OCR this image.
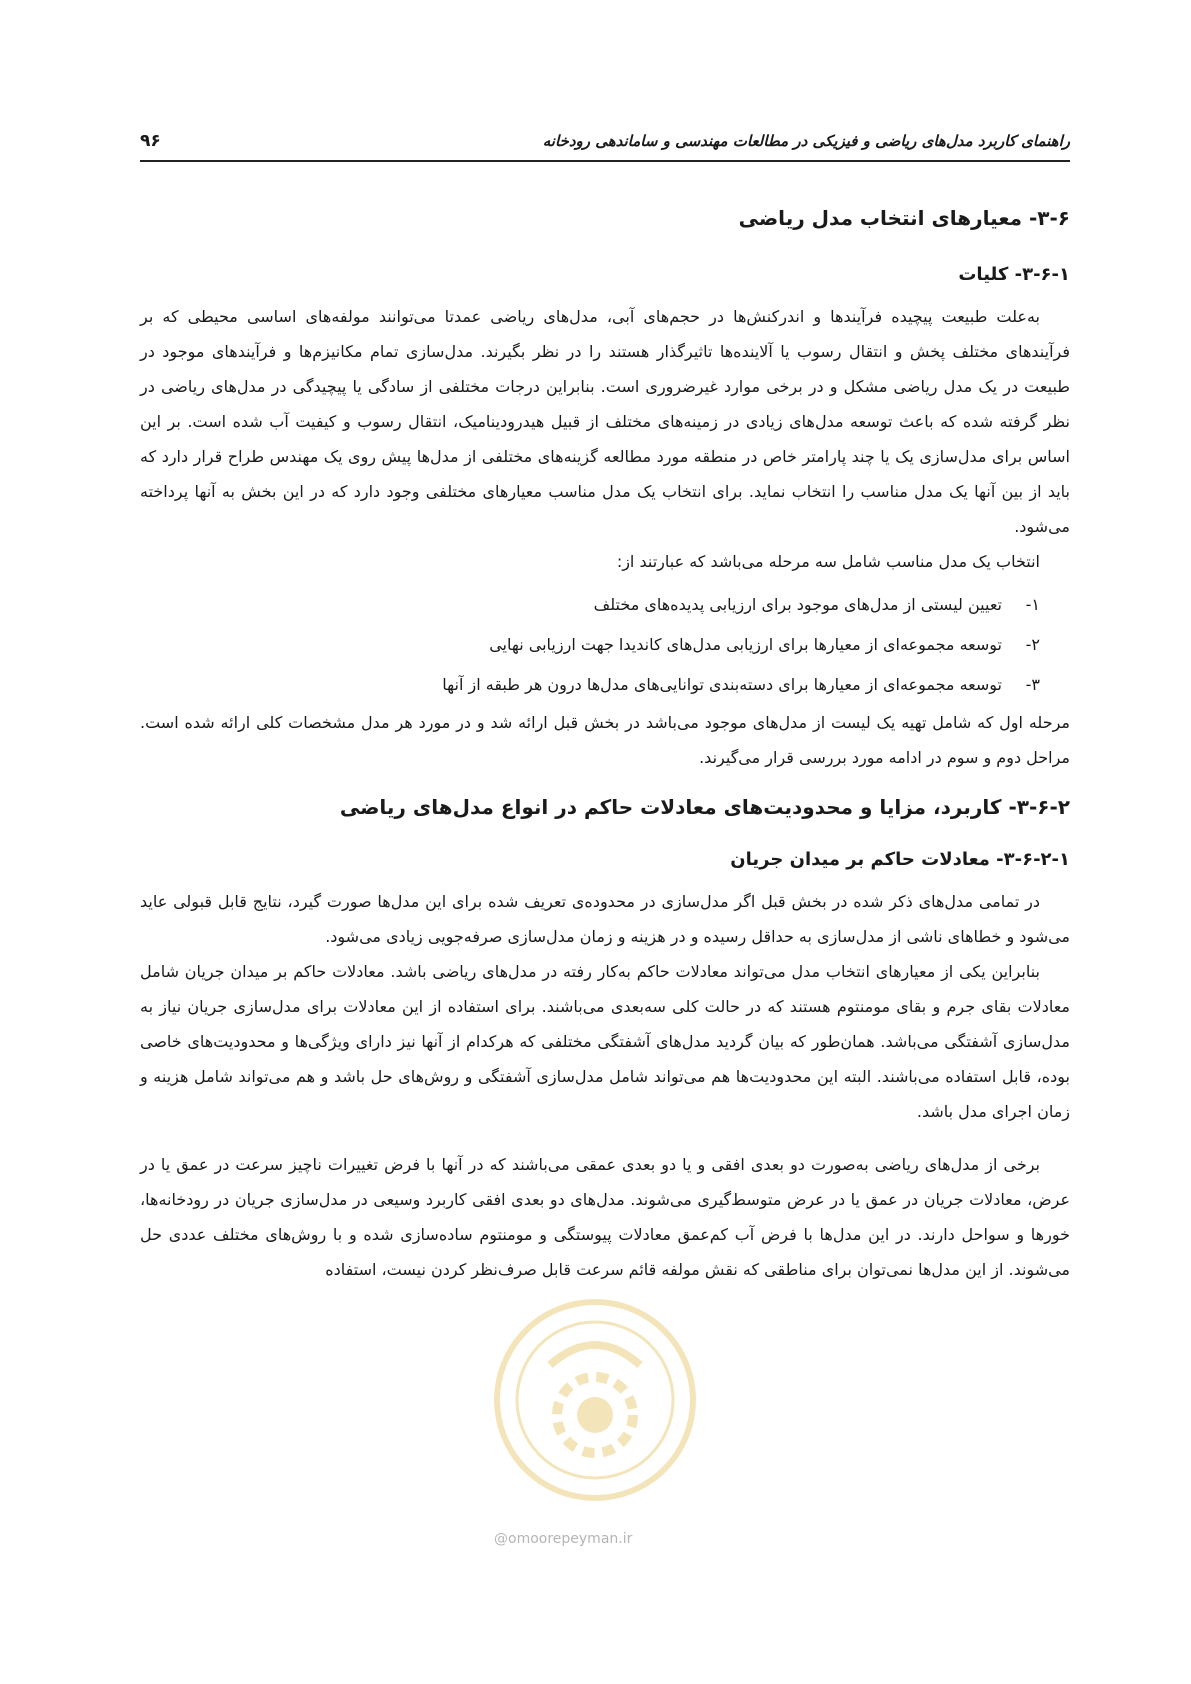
راهنمای کاربرد مدل‌های ریاضی و فیزیکی در مطالعات مهندسی و ساماندهی رودخانه
۹۶
۳-۶- معیارهای انتخاب مدل ریاضی
۳-۶-۱- کلیات

به‌علت طبیعت پیچیده فرآیندها و اندرکنش‌ها در حجم‌های آبی، مدل‌های ریاضی عمدتا می‌توانند مولفه‌های اساسی محیطی که بر فرآیندهای مختلف پخش و انتقال رسوب یا آلاینده‌ها تاثیرگذار هستند را در نظر بگیرند. مدل‌سازی تمام مکانیزم‌ها و فرآیندهای موجود در طبیعت در یک مدل ریاضی مشکل و در برخی موارد غیرضروری است. بنابراین درجات مختلفی از سادگی یا پیچیدگی در مدل‌های ریاضی در نظر گرفته شده که باعث توسعه مدل‌های زیادی در زمینه‌های مختلف از قبیل هیدرودینامیک، انتقال رسوب و کیفیت آب شده است. بر این اساس برای مدل‌سازی یک یا چند پارامتر خاص در منطقه مورد مطالعه گزینه‌های مختلفی از مدل‌ها پیش روی یک مهندس طراح قرار دارد که باید از بین آنها یک مدل مناسب را انتخاب نماید. برای انتخاب یک مدل مناسب معیارهای مختلفی وجود دارد که در این بخش به آنها پرداخته می‌شود.

انتخاب یک مدل مناسب شامل سه مرحله می‌باشد که عبارتند از:

۱-
تعیین لیستی از مدل‌های موجود برای ارزیابی پدیده‌های مختلف
۲-
توسعه مجموعه‌ای از معیارها برای ارزیابی مدل‌های کاندیدا جهت ارزیابی نهایی
۳-
توسعه مجموعه‌ای از معیارها برای دسته‌بندی توانایی‌های مدل‌ها درون هر طبقه از آنها

مرحله اول که شامل تهیه یک لیست از مدل‌های موجود می‌باشد در بخش قبل ارائه شد و در مورد هر مدل مشخصات کلی ارائه شده است. مراحل دوم و سوم در ادامه مورد بررسی قرار می‌گیرند.

۳-۶-۲- کاربرد، مزایا و محدودیت‌های معادلات حاکم در انواع مدل‌های ریاضی
۳-۶-۲-۱- معادلات حاکم بر میدان جریان

در تمامی مدل‌های ذکر شده در بخش قبل اگر مدل‌سازی در محدوده‌ی تعریف شده برای این مدل‌ها صورت گیرد، نتایج قابل قبولی عاید می‌شود و خطاهای ناشی از مدل‌سازی به حداقل رسیده و در هزینه و زمان مدل‌سازی صرفه‌جویی زیادی می‌شود.

بنابراین یکی از معیارهای انتخاب مدل می‌تواند معادلات حاکم به‌کار رفته در مدل‌های ریاضی باشد. معادلات حاکم بر میدان جریان شامل معادلات بقای جرم و بقای مومنتوم هستند که در حالت کلی سه‌بعدی می‌باشند. برای استفاده از این معادلات برای مدل‌سازی جریان نیاز به مدل‌سازی آشفتگی می‌باشد. همان‌طور که بیان گردید مدل‌های آشفتگی مختلفی که هرکدام از آنها نیز دارای ویژگی‌ها و محدودیت‌های خاصی بوده، قابل استفاده می‌باشند. البته این محدودیت‌ها هم می‌تواند شامل مدل‌سازی آشفتگی و روش‌های حل باشد و هم می‌تواند شامل هزینه و زمان اجرای مدل باشد.

برخی از مدل‌های ریاضی به‌صورت دو بعدی افقی و یا دو بعدی عمقی می‌باشند که در آنها با فرض تغییرات ناچیز سرعت در عمق یا در عرض، معادلات جریان در عمق یا در عرض متوسط‌گیری می‌شوند. مدل‌های دو بعدی افقی کاربرد وسیعی در مدل‌سازی جریان در رودخانه‌ها، خورها و سواحل دارند. در این مدل‌ها با فرض آب کم‌عمق معادلات پیوستگی و مومنتوم ساده‌سازی شده و با روش‌های مختلف عددی حل می‌شوند. از این مدل‌ها نمی‌توان برای مناطقی که نقش مولفه قائم سرعت قابل صرف‌نظر کردن نیست، استفاده

@omoorepeyman.ir
